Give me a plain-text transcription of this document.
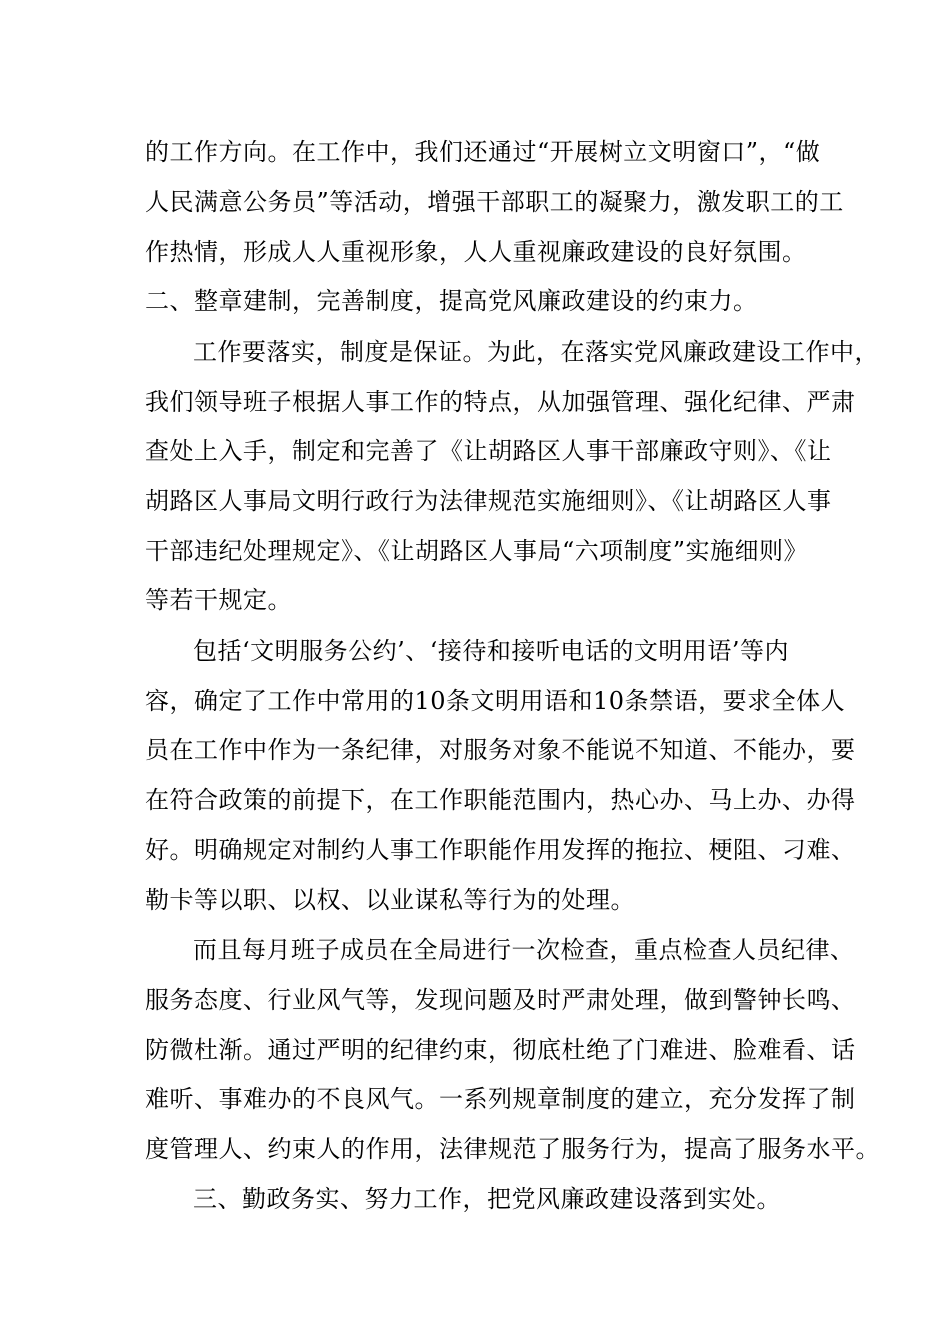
的工作方向。在工作中，我们还通过“开展树立文明窗口”，“做
人民满意公务员”等活动，增强干部职工的凝聚力，激发职工的工
作热情，形成人人重视形象，人人重视廉政建设的良好氛围。
二、整章建制，完善制度，提高党风廉政建设的约束力。
工作要落实，制度是保证。为此，在落实党风廉政建设工作中，
我们领导班子根据人事工作的特点，从加强管理、强化纪律、严肃
查处上入手，制定和完善了《让胡路区人事干部廉政守则》、《让
胡路区人事局文明行政行为法律规范实施细则》、《让胡路区人事
干部违纪处理规定》、《让胡路区人事局“六项制度”实施细则》
等若干规定。
包括‘文明服务公约’、‘接待和接听电话的文明用语’等内
容，确定了工作中常用的10条文明用语和10条禁语，要求全体人
员在工作中作为一条纪律，对服务对象不能说不知道、不能办，要
在符合政策的前提下，在工作职能范围内，热心办、马上办、办得
好。明确规定对制约人事工作职能作用发挥的拖拉、梗阻、刁难、
勒卡等以职、以权、以业谋私等行为的处理。
而且每月班子成员在全局进行一次检查，重点检查人员纪律、
服务态度、行业风气等，发现问题及时严肃处理，做到警钟长鸣、
防微杜渐。通过严明的纪律约束，彻底杜绝了门难进、脸难看、话
难听、事难办的不良风气。一系列规章制度的建立，充分发挥了制
度管理人、约束人的作用，法律规范了服务行为，提高了服务水平。
三、勤政务实、努力工作，把党风廉政建设落到实处。
